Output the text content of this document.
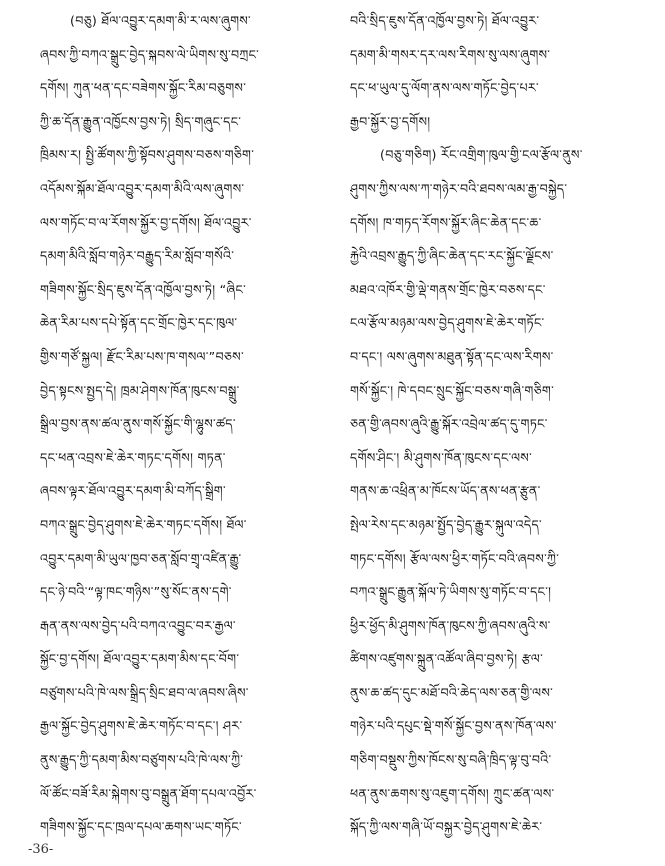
(བཅུ) ཐོལ་འབྱུར་དམག་མི་ར་ལས་ཞུགས་
ཞབས་ཀྱི་བཀའ་སྒྲུང་བྱེད་སྐབས་ལེ་ཡིགས་སུ་བཀྲང་
དགོས། ཀུན་ཕན་དང་བཟེགས་སྐྱོང་རིམ་བཅུགས་
ཀྱི་ཆ་དོན་རྒྱུན་འཁྱོངས་བྱས་ཏེ། སྲིད་གཞུང་དང་
ཁྲིམས་ར། སྤྱི་ཚོགས་ཀྱི་སྟོབས་ཤུགས་བཅས་གཅིག་
འདོམས་སྐོམ་ཐོལ་འབྱུར་དམག་མིའི་ལས་ཞུགས་
ལས་གཏོང་བ་ལ་རོགས་སྐྱོར་བྱ་དགོས། ཐོལ་འབྱུར་
དམག་མིའི་སློབ་གཉེར་བརྒྱུད་རིམ་སློབ་གསོའི་
གཟིགས་སྐྱོང་སྲིད་ཇུས་དོན་འཁྱོལ་བྱས་ཏེ། “ཞིང་
ཆེན་རིམ་པས་དཔེ་སྟོན་དང་གྲོང་ཁྱེར་དང་ཁུལ་
གྱིས་གཙོ་སྐྱལ། རྫོང་རིམ་པས་ཁ་གསལ་”བཅས་
བྱེད་སྟངས་སྤྱད་དེ། ཁྲམ་ཤེགས་ཁོན་ཁུངས་བསྒྲུ་
སྒྲིལ་བྱས་ནས་ཚལ་ནུས་གསོ་སྐྱོང་གི་ལྷུས་ཚད་
དང་ཕན་འབྲས་ཇེ་ཆེར་གཏང་དགོས། གཏན་
ཞབས་ལྟར་ཐོལ་འབྱུར་དམག་མི་བཀོད་སྒྲིག་
བཀའ་སྒྲུང་བྱེད་ཤུགས་ཇེ་ཆེར་གཏང་དགོས། ཐོལ་
འབྱུར་དམག་མི་ཡུལ་ཁྱབ་ཅན་སློབ་གྲྭ་འཛིན་རྒྱུ་
དང་ཉེ་བའི་“ལྟ་ཁང་གཉིས་”སུ་སོང་ནས་དགེ་
རྒན་ནས་ལས་བྱེད་པའི་བཀའ་འབྱུང་བར་རྒྱལ་
སྐྱོང་བྱ་དགོས། ཐོལ་འབྱུར་དམག་མིས་དང་བོག་
བཙུགས་པའི་ཁེ་ལས་སྒྲིད་སྲིང་ཐབ་ལ་ཞབས་ཞིས་
རྒྱལ་སྐྱོང་བྱེད་ཤུགས་ཇེ་ཆེར་གཏོང་བ་དང་། ཤར་
ནུས་རྒྱུད་ཀྱི་དམག་མིས་བཙུགས་པའི་ཁེ་ལས་ཀྱི་
ལོ་ཚོང་བཟོ་རིམ་སྐེགས་བུ་བསྒྲུན་ཐོག་དཔལ་འབྱོར་
གཟིགས་སྐྱོང་དང་ཁྲལ་དཔལ་ཆགས་ཡང་གཏོང་
བའི་སྲིད་ཇུས་དོན་འཁྱོལ་བྱས་ཏེ། ཐོལ་འབྱུར་
དམག་མི་གསར་དར་ལས་རིགས་སུ་ལས་ཞུགས་
དང་ཕ་ཡུལ་དུ་ལོག་ནས་ལས་གཏོང་བྱེད་པར་
རྒྱབ་སྐྱོར་བྱ་དགོས།
(བཅུ་གཅིག) རོང་འགྲིག་ཁུལ་གྱི་ངལ་རྩོལ་ནུས་
ཤུགས་ཀྱིས་ལས་ཀ་གཉེར་བའི་ཐབས་ལམ་རྒྱ་བསྐྱེད་
དགོས། ཁ་གཏད་རོགས་སྐྱོར་ཞིང་ཆེན་དང་ཆ་
རྐྱེའི་འབྲས་རྒྱུད་ཀྱི་ཞིང་ཆེན་དང་རང་སྐྱོང་ལྗོངས་
མཐའ་འཁོར་གྱི་ལྡེ་གནས་གྲོང་ཁྱེར་བཅས་དང་
ངལ་རྩོལ་མཉམ་ལས་བྱེད་ཤུགས་ཇེ་ཆེར་གཏོང་
བ་དང་། ལས་ཞུགས་མཐུན་སྟོན་དང་ལས་རིགས་
གསོ་སྐྱོང་། ཁེ་དབང་སྲུང་སྐྱོང་བཅས་གཞི་གཅིག་
ཅན་གྱི་ཞབས་ཞུའི་རྒྱུ་སྐོར་འབྲེལ་ཚད་དུ་གཏང་
དགོས་ཤིང་། མི་ཤུགས་ཁོན་ཁུངས་དང་ལས་
གནས་ཆ་འཕྲིན་མ་ཁོངས་ཡོད་ནས་ཕན་རྩུན་
སྤེལ་རེས་དང་མཉམ་སྤྱོད་བྱེད་རྒྱུར་སྐུལ་འདེད་
གཏང་དགོས། རྩོལ་ལས་ཕྱིར་གཏོང་བའི་ཞབས་ཀྱི་
བཀའ་སྒྲུང་རྒྱུན་སྐོལ་ཏེ་ཡིགས་སུ་གཏོང་བ་དང་།
ཕྱིར་ཕྱོད་མི་ཤུགས་ཁོན་ཁུངས་ཀྱི་ཞབས་ཞུའི་ས་
ཚིགས་འཛུགས་སྐྲུན་འཚོལ་ཞིབ་བྱས་ཏེ། རྩལ་
ནུས་ཆ་ཚད་དུང་མཐོ་བའི་ཆེད་ལས་ཅན་གྱི་ལས་
གཉེར་པའི་དཔུང་སྡེ་གསོ་སྐྱོང་བྱས་ནས་ཁོན་ལས་
གཅིག་བསྡུས་ཀྱིས་ཁོངས་སུ་བཞི་ཁྲིད་ལྟ་བུ་བའི་
ཕན་ནུས་ཆགས་སུ་འཇུག་དགོས། ཀྲུང་ཚན་ལས་
སྐོད་ཀྱི་ལས་གཞི་ཡོ་བསྐྱར་བྱེད་ཤུགས་ཇེ་ཆེར་
-36-
